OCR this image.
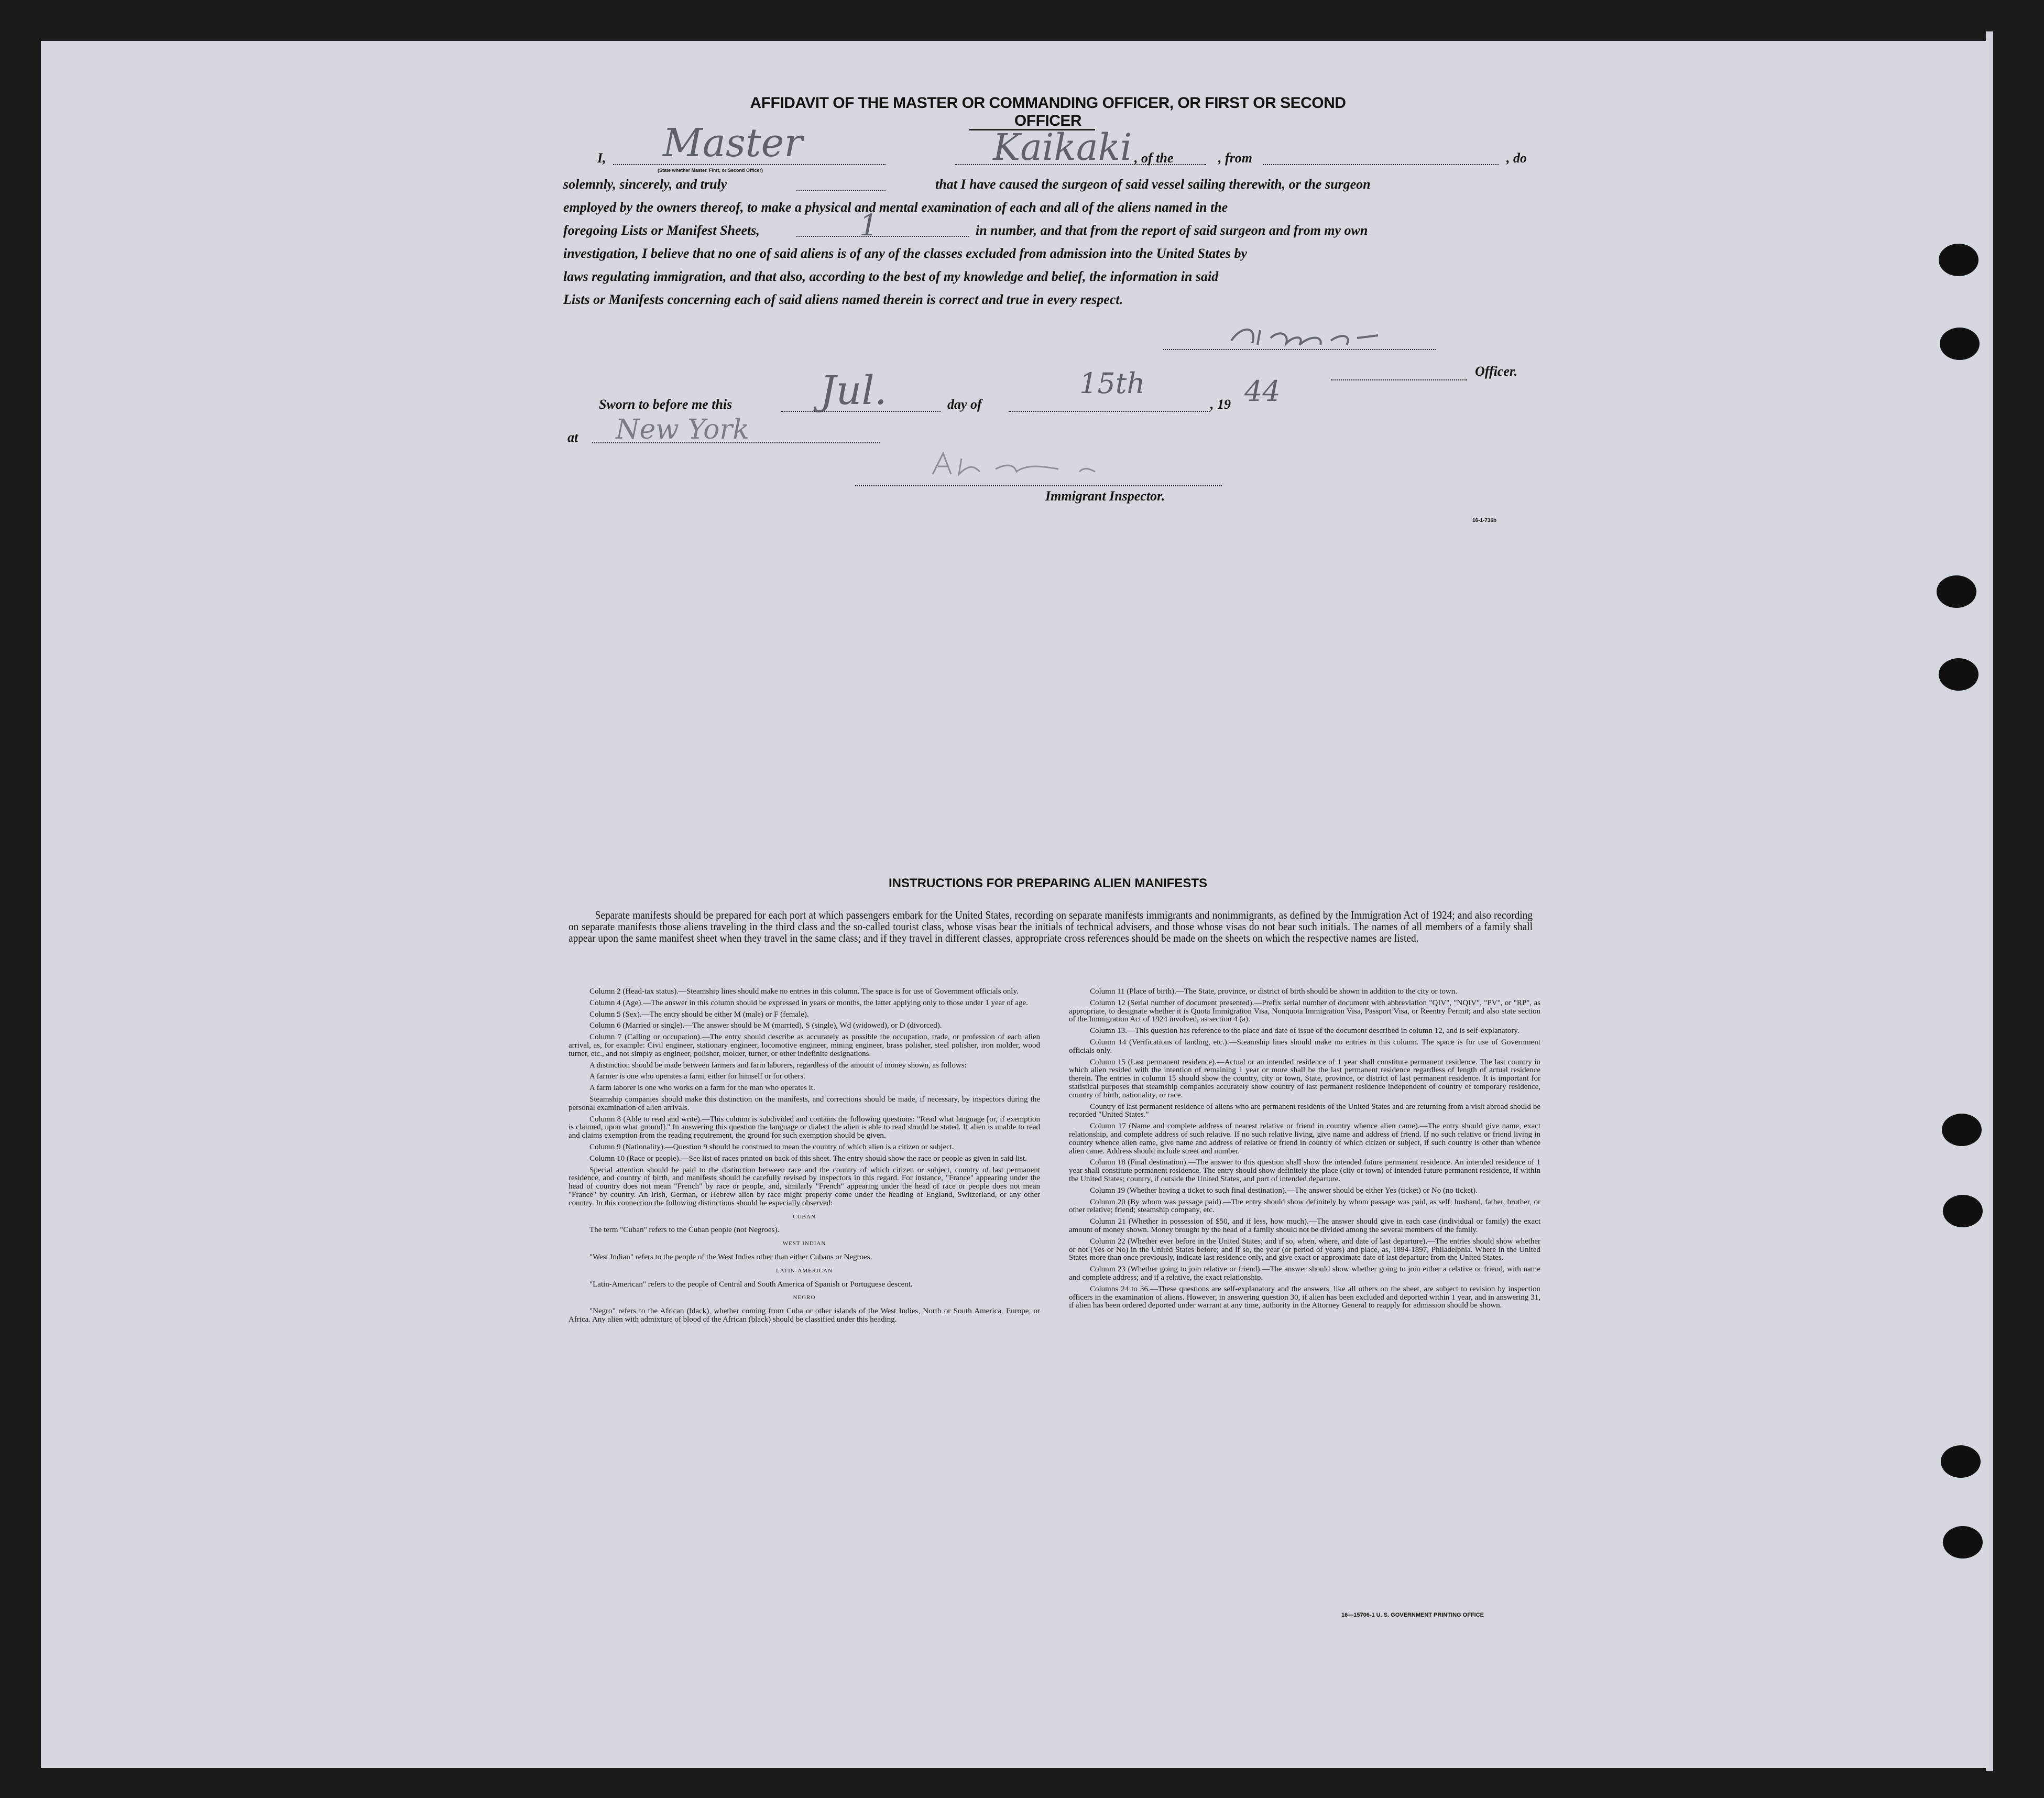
AFFIDAVIT OF THE MASTER OR COMMANDING OFFICER, OR FIRST OR SECOND OFFICER
I,	, of the	, from	, do
(State whether Master, First, or Second Officer)
Master	Kaikaki
solemnly, sincerely, and truly	that I have caused the surgeon of said vessel sailing therewith, or the surgeon
employed by the owners thereof, to make a physical and mental examination of each and all of the aliens named in the
foregoing Lists or Manifest Sheets,	in number, and that from the report of said surgeon and from my own
1
investigation, I believe that no one of said aliens is of any of the classes excluded from admission into the United States by
laws regulating immigration, and that also, according to the best of my knowledge and belief, the information in said
Lists or Manifests concerning each of said aliens named therein is correct and true in every respect.
Officer.
Sworn to before me this Jul.	day of
15th
, 19 44
at New York
Immigrant Inspector.
16-1-736b
INSTRUCTIONS FOR PREPARING ALIEN MANIFESTS
Separate manifests should be prepared for each port at which passengers embark for the United States, recording on separate manifests immigrants and nonimmigrants, as defined by the Immigration Act of 1924; and also recording on separate manifests those aliens traveling in the third class and the so-called tourist class, whose visas bear the initials of technical advisers, and those whose visas do not bear such initials. The names of all members of a family shall appear upon the same manifest sheet when they travel in the same class; and if they travel in different classes, appropriate cross references should be made on the sheets on which the respective names are listed.

Column 2 (Head-tax status).—Steamship lines should make no entries in this column. The space is for use of Government officials only.

Column 4 (Age).—The answer in this column should be expressed in years or months, the latter applying only to those under 1 year of age.

Column 5 (Sex).—The entry should be either M (male) or F (female).

Column 6 (Married or single).—The answer should be M (married), S (single), Wd (widowed), or D (divorced).

Column 7 (Calling or occupation).—The entry should describe as accurately as possible the occupation, trade, or profession of each alien arrival, as, for example: Civil engineer, stationary engineer, locomotive engineer, mining engineer, brass polisher, steel polisher, iron molder, wood turner, etc., and not simply as engineer, polisher, molder, turner, or other indefinite designations.

A distinction should be made between farmers and farm laborers, regardless of the amount of money shown, as follows:

A farmer is one who operates a farm, either for himself or for others.

A farm laborer is one who works on a farm for the man who operates it.

Steamship companies should make this distinction on the manifests, and corrections should be made, if necessary, by inspectors during the personal examination of alien arrivals.

Column 8 (Able to read and write).—This column is subdivided and contains the following questions: "Read what language [or, if exemption is claimed, upon what ground]." In answering this question the language or dialect the alien is able to read should be stated. If alien is unable to read and claims exemption from the reading requirement, the ground for such exemption should be given.

Column 9 (Nationality).—Question 9 should be construed to mean the country of which alien is a citizen or subject.

Column 10 (Race or people).—See list of races printed on back of this sheet. The entry should show the race or people as given in said list.

Special attention should be paid to the distinction between race and the country of which citizen or subject, country of last permanent residence, and country of birth, and manifests should be carefully revised by inspectors in this regard. For instance, "France" appearing under the head of country does not mean "French" by race or people, and, similarly "French" appearing under the head of race or people does not mean "France" by country. An Irish, German, or Hebrew alien by race might properly come under the heading of England, Switzerland, or any other country. In this connection the following distinctions should be especially observed:

CUBAN

The term "Cuban" refers to the Cuban people (not Negroes).

WEST INDIAN

"West Indian" refers to the people of the West Indies other than either Cubans or Negroes.

LATIN-AMERICAN

"Latin-American" refers to the people of Central and South America of Spanish or Portuguese descent.

NEGRO

"Negro" refers to the African (black), whether coming from Cuba or other islands of the West Indies, North or South America, Europe, or Africa. Any alien with admixture of blood of the African (black) should be classified under this heading.

Column 11 (Place of birth).—The State, province, or district of birth should be shown in addition to the city or town.

Column 12 (Serial number of document presented).—Prefix serial number of document with abbreviation "QIV", "NQIV", "PV", or "RP", as appropriate, to designate whether it is Quota Immigration Visa, Nonquota Immigration Visa, Passport Visa, or Reentry Permit; and also state section of the Immigration Act of 1924 involved, as section 4 (a).

Column 13.—This question has reference to the place and date of issue of the document described in column 12, and is self-explanatory.

Column 14 (Verifications of landing, etc.).—Steamship lines should make no entries in this column. The space is for use of Government officials only.

Column 15 (Last permanent residence).—Actual or an intended residence of 1 year shall constitute permanent residence. The last country in which alien resided with the intention of remaining 1 year or more shall be the last permanent residence regardless of length of actual residence therein. The entries in column 15 should show the country, city or town, State, province, or district of last permanent residence. It is important for statistical purposes that steamship companies accurately show country of last permanent residence independent of country of temporary residence, country of birth, nationality, or race.

Country of last permanent residence of aliens who are permanent residents of the United States and are returning from a visit abroad should be recorded "United States."

Column 17 (Name and complete address of nearest relative or friend in country whence alien came).—The entry should give name, exact relationship, and complete address of such relative. If no such relative living, give name and address of friend. If no such relative or friend living in country whence alien came, give name and address of relative or friend in country of which citizen or subject, if such country is other than whence alien came. Address should include street and number.

Column 18 (Final destination).—The answer to this question shall show the intended future permanent residence. An intended residence of 1 year shall constitute permanent residence. The entry should show definitely the place (city or town) of intended future permanent residence, if within the United States; country, if outside the United States, and port of intended departure.

Column 19 (Whether having a ticket to such final destination).—The answer should be either Yes (ticket) or No (no ticket).

Column 20 (By whom was passage paid).—The entry should show definitely by whom passage was paid, as self; husband, father, brother, or other relative; friend; steamship company, etc.

Column 21 (Whether in possession of $50, and if less, how much).—The answer should give in each case (individual or family) the exact amount of money shown. Money brought by the head of a family should not be divided among the several members of the family.

Column 22 (Whether ever before in the United States; and if so, when, where, and date of last departure).—The entries should show whether or not (Yes or No) in the United States before; and if so, the year (or period of years) and place, as, 1894-1897, Philadelphia. Where in the United States more than once previously, indicate last residence only, and give exact or approximate date of last departure from the United States.

Column 23 (Whether going to join relative or friend).—The answer should show whether going to join either a relative or friend, with name and complete address; and if a relative, the exact relationship.

Columns 24 to 36.—These questions are self-explanatory and the answers, like all others on the sheet, are subject to revision by inspection officers in the examination of aliens. However, in answering question 30, if alien has been excluded and deported within 1 year, and in answering 31, if alien has been ordered deported under warrant at any time, authority in the Attorney General to reapply for admission should be shown.

16—15706-1 U. S. GOVERNMENT PRINTING OFFICE
